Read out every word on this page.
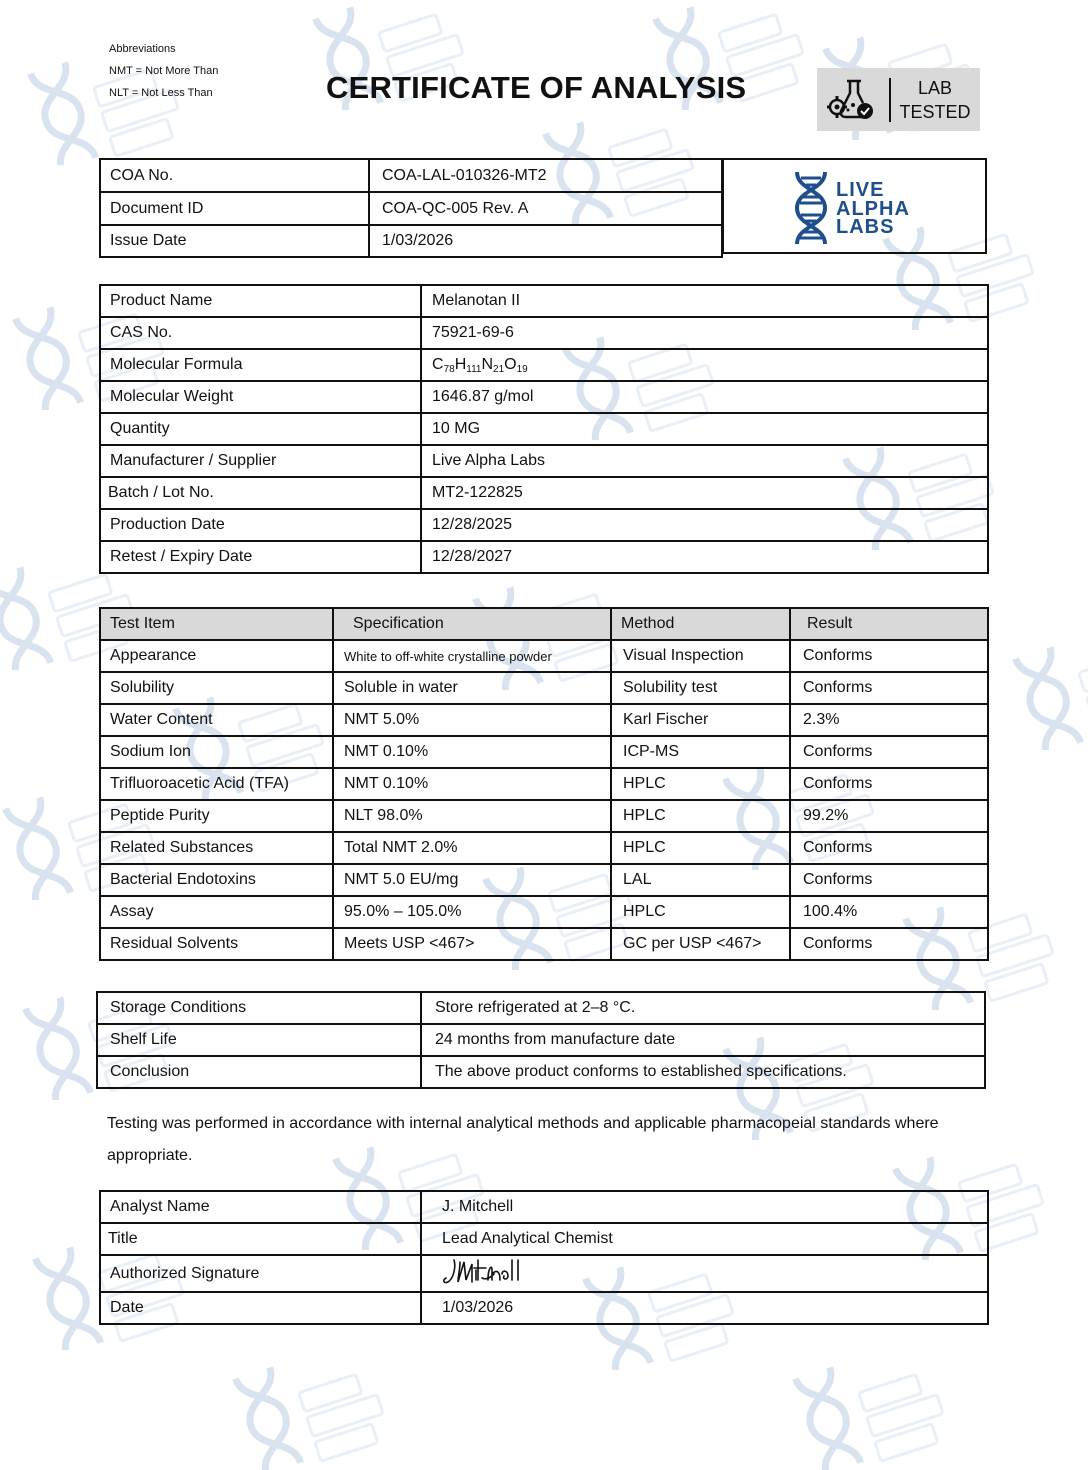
Abbreviations
NMT = Not More Than
NLT = Not Less Than	CERTIFICATE OF ANALYSIS	LAB
TESTED
COA No.	COA-LAL-010326-MT2
Document ID	COA-QC-005 Rev. A
Issue Date	1/03/2026
LIVE
ALPHA
LABS
Product Name	Melanotan II
CAS No.	75921-69-6
Molecular Formula	$C_{78}H_{111}N_{21}O_{19}$
Molecular Weight	1646.87 g/mol
Quantity	10 MG
Manufacturer / Supplier	Live Alpha Labs
Batch / Lot No.	MT2-122825
Production Date	12/28/2025
Retest / Expiry Date	12/28/2027
Test Item	Specification	Method	Result
Appearance	White to off-white crystalline powder	Visual Inspection	Conforms
Solubility	Soluble in water	Solubility test	Conforms
Water Content	NMT 5.0%	Karl Fischer	2.3%
Sodium Ion	NMT 0.10%	ICP-MS	Conforms
Trifluoroacetic Acid (TFA)	NMT 0.10%	HPLC	Conforms
Peptide Purity	NLT 98.0%	HPLC	99.2%
Related Substances	Total NMT 2.0%	HPLC	Conforms
Bacterial Endotoxins	NMT 5.0 EU/mg	LAL	Conforms
Assay	95.0% – 105.0%	HPLC	100.4%
Residual Solvents	Meets USP <467>	GC per USP <467>	Conforms
Storage Conditions	Store refrigerated at 2–8 °C.
Shelf Life	24 months from manufacture date
Conclusion	The above product conforms to established specifications.
Testing was performed in accordance with internal analytical methods and applicable pharmacopeial standards where appropriate.
Analyst Name	J. Mitchell
Title	Lead Analytical Chemist
Authorized Signature	
Date	1/03/2026
